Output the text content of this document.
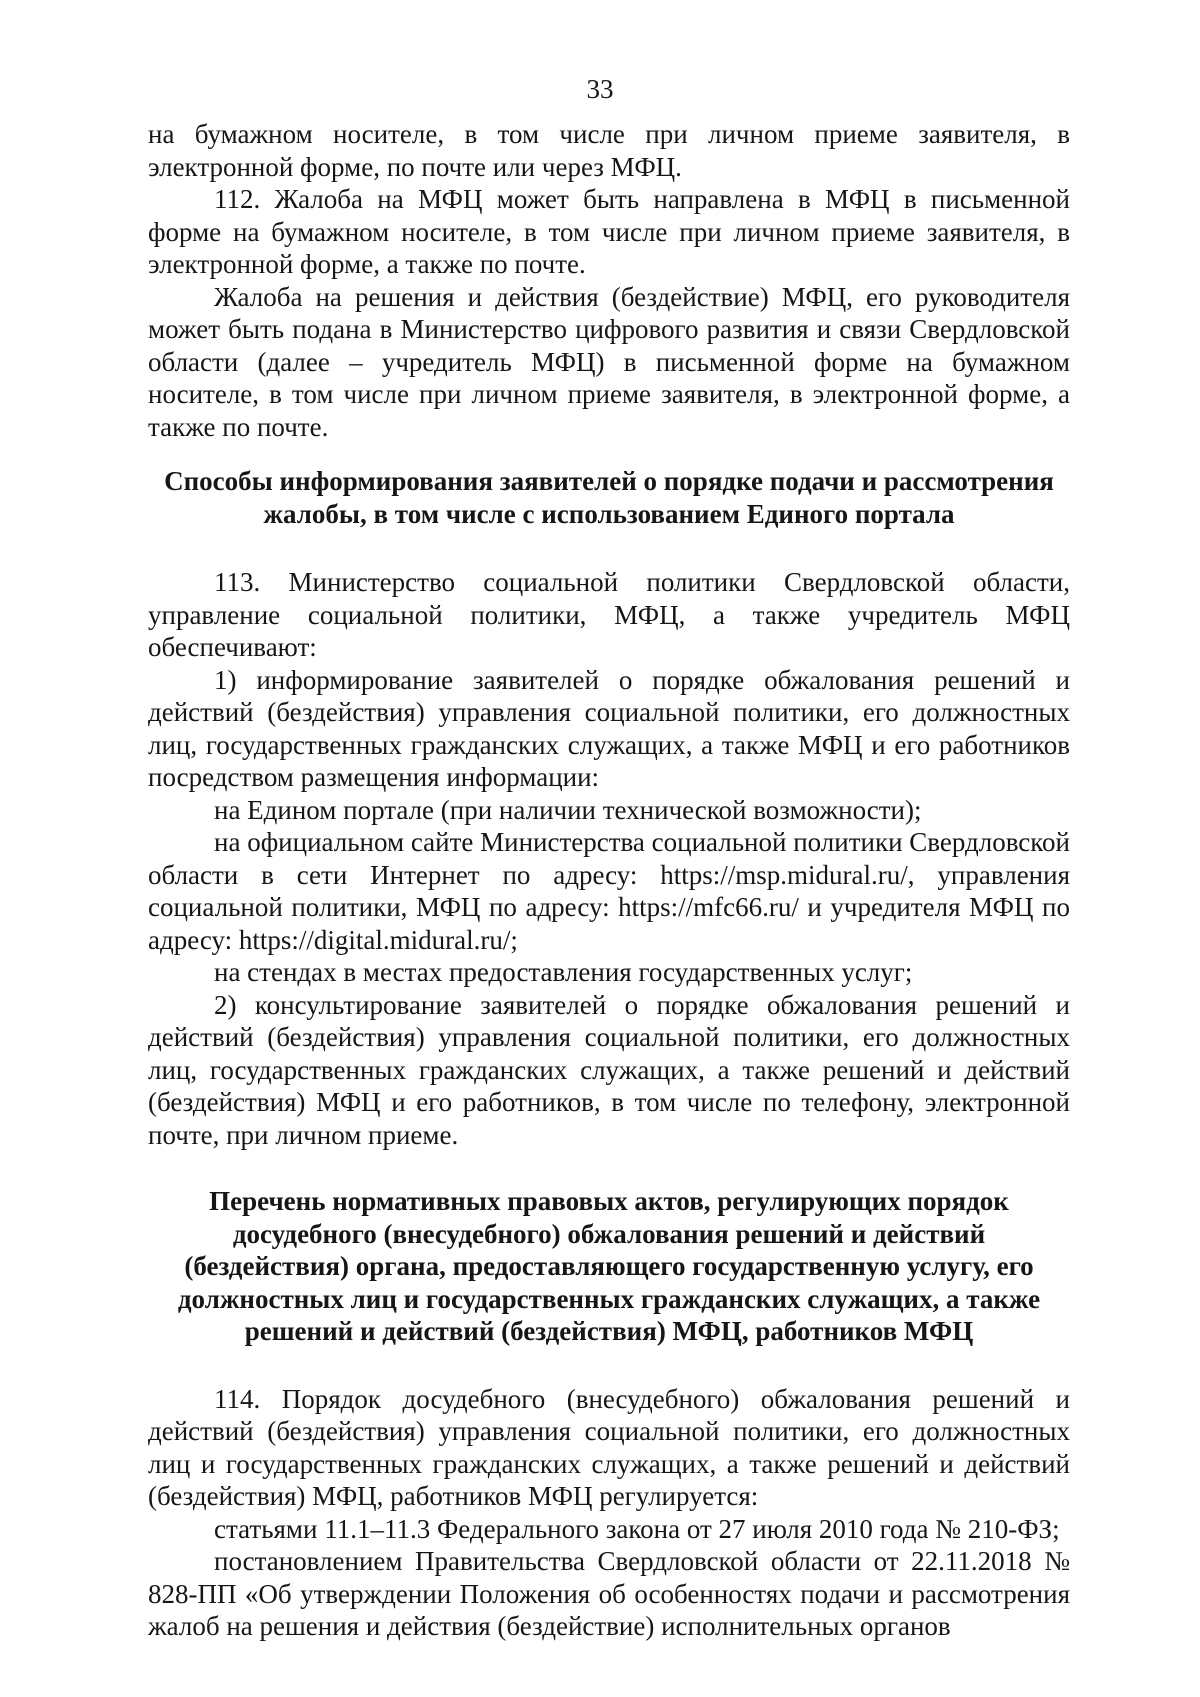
33

на бумажном носителе, в том числе при личном приеме заявителя, в электронной форме, по почте или через МФЦ.

112. Жалоба на МФЦ может быть направлена в МФЦ в письменной форме на бумажном носителе, в том числе при личном приеме заявителя, в электронной форме, а также по почте.

Жалоба на решения и действия (бездействие) МФЦ, его руководителя может быть подана в Министерство цифрового развития и связи Свердловской области (далее – учредитель МФЦ) в письменной форме на бумажном носителе, в том числе при личном приеме заявителя, в электронной форме, а также по почте.

Способы информирования заявителей о порядке подачи и рассмотрения жалобы, в том числе с использованием Единого портала

113. Министерство социальной политики Свердловской области, управление социальной политики, МФЦ, а также учредитель МФЦ обеспечивают:

1) информирование заявителей о порядке обжалования решений и действий (бездействия) управления социальной политики, его должностных лиц, государственных гражданских служащих, а также МФЦ и его работников посредством размещения информации:

на Едином портале (при наличии технической возможности);

на официальном сайте Министерства социальной политики Свердловской области в сети Интернет по адресу: https://msp.midural.ru/, управления социальной политики, МФЦ по адресу: https://mfc66.ru/ и учредителя МФЦ по адресу: https://digital.midural.ru/;

на стендах в местах предоставления государственных услуг;

2) консультирование заявителей о порядке обжалования решений и действий (бездействия) управления социальной политики, его должностных лиц, государственных гражданских служащих, а также решений и действий (бездействия) МФЦ и его работников, в том числе по телефону, электронной почте, при личном приеме.

Перечень нормативных правовых актов, регулирующих порядок досудебного (внесудебного) обжалования решений и действий (бездействия) органа, предоставляющего государственную услугу, его должностных лиц и государственных гражданских служащих, а также решений и действий (бездействия) МФЦ, работников МФЦ

114. Порядок досудебного (внесудебного) обжалования решений и действий (бездействия) управления социальной политики, его должностных лиц и государственных гражданских служащих, а также решений и действий (бездействия) МФЦ, работников МФЦ регулируется:

статьями 11.1–11.3 Федерального закона от 27 июля 2010 года № 210-ФЗ;

постановлением Правительства Свердловской области от 22.11.2018 № 828-ПП «Об утверждении Положения об особенностях подачи и рассмотрения жалоб на решения и действия (бездействие) исполнительных органов
